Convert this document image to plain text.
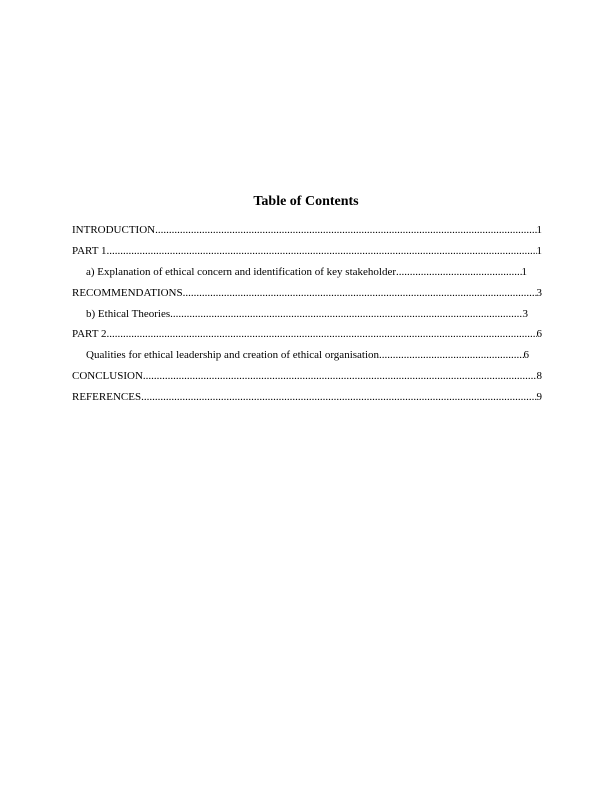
Table of Contents
INTRODUCTION .....	1
PART 1 .....	1
a) Explanation of ethical concern and identification of key stakeholder .....	1
RECOMMENDATIONS .....	3
b) Ethical Theories .....	3
PART 2 .....	6
Qualities for ethical leadership and creation of ethical organisation .....	6
CONCLUSION .....	8
REFERENCES .....	9
